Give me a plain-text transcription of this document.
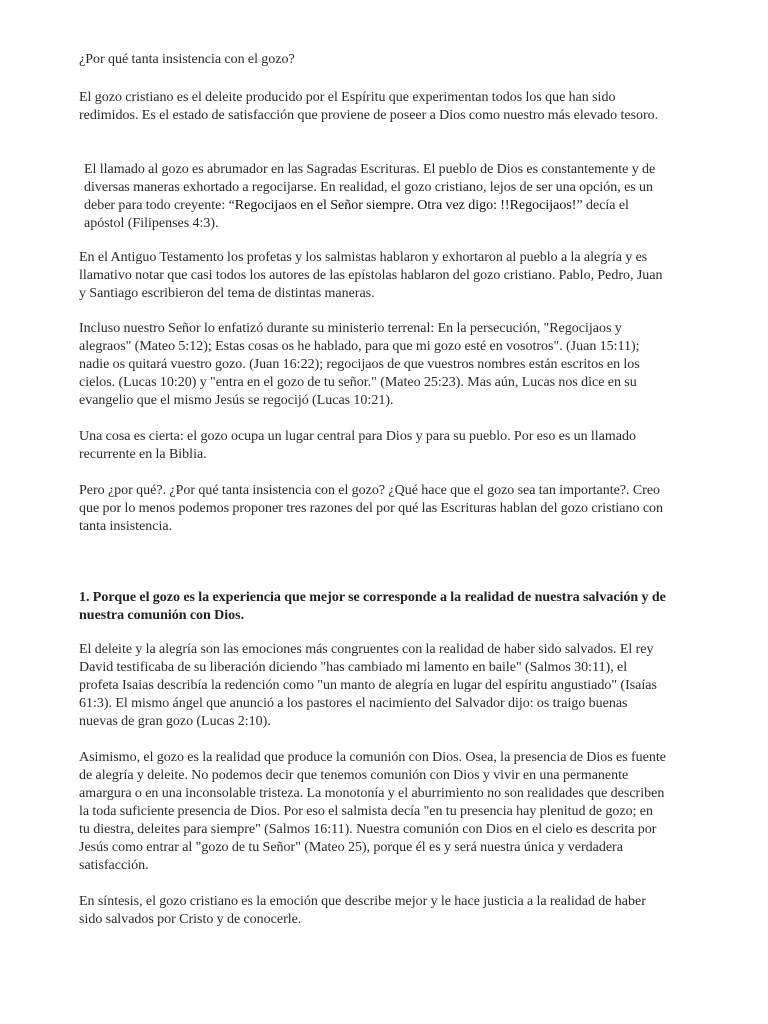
¿Por qué tanta insistencia con el gozo?

El gozo cristiano es el deleite producido por el Espíritu que experimentan todos los que han sido redimidos. Es el estado de satisfacción que proviene de poseer a Dios como nuestro más elevado tesoro.

El llamado al gozo es abrumador en las Sagradas Escrituras. El pueblo de Dios es constantemente y de diversas maneras exhortado a regocijarse. En realidad, el gozo cristiano, lejos de ser una opción, es un deber para todo creyente: “Regocijaos en el Señor siempre. Otra vez digo: !!Regocijaos!” decía el apóstol (Filipenses 4:3).

En el Antiguo Testamento los profetas y los salmistas hablaron y exhortaron al pueblo a la alegría y es llamativo notar que casi todos los autores de las epístolas hablaron del gozo cristiano. Pablo, Pedro, Juan y Santiago escribieron del tema de distintas maneras.

Incluso nuestro Señor lo enfatizó durante su ministerio terrenal: En la persecución, "Regocijaos y alegraos" (Mateo 5:12); Estas cosas os he hablado, para que mi gozo esté en vosotros". (Juan 15:11); nadie os quitará vuestro gozo. (Juan 16:22); regocijaos de que vuestros nombres están escritos en los cielos. (Lucas 10:20) y "entra en el gozo de tu señor." (Mateo 25:23). Mas aún, Lucas nos dice en su evangelio que el mismo Jesús se regocijó (Lucas 10:21).

Una cosa es cierta: el gozo ocupa un lugar central para Dios y para su pueblo. Por eso es un llamado recurrente en la Biblia.

Pero ¿por qué?. ¿Por qué tanta insistencia con el gozo? ¿Qué hace que el gozo sea tan importante?. Creo que por lo menos podemos proponer tres razones del por qué las Escrituras hablan del gozo cristiano con tanta insistencia.

1. Porque el gozo es la experiencia que mejor se corresponde a la realidad de nuestra salvación y de nuestra comunión con Dios.

El deleite y la alegría son las emociones más congruentes con la realidad de haber sido salvados. El rey David testificaba de su liberación diciendo "has cambiado mi lamento en baile" (Salmos 30:11), el profeta Isaias describía la redención como "un manto de alegría en lugar del espíritu angustiado" (Isaías 61:3). El mismo ángel que anunció a los pastores el nacimiento del Salvador dijo: os traigo buenas nuevas de gran gozo (Lucas 2:10).

Asimismo, el gozo es la realidad que produce la comunión con Dios. Osea, la presencia de Dios es fuente de alegría y deleite. No podemos decir que tenemos comunión con Dios y vivir en una permanente amargura o en una inconsolable tristeza. La monotonía y el aburrimiento no son realidades que describen la toda suficiente presencia de Dios. Por eso el salmista decía "en tu presencia hay plenitud de gozo; en tu diestra, deleites para siempre" (Salmos 16:11). Nuestra comunión con Dios en el cielo es descrita por Jesús como entrar al "gozo de tu Señor" (Mateo 25), porque él es y será nuestra única y verdadera satisfacción.

En síntesis, el gozo cristiano es la emoción que describe mejor y le hace justicia a la realidad de haber sido salvados por Cristo y de conocerle.
